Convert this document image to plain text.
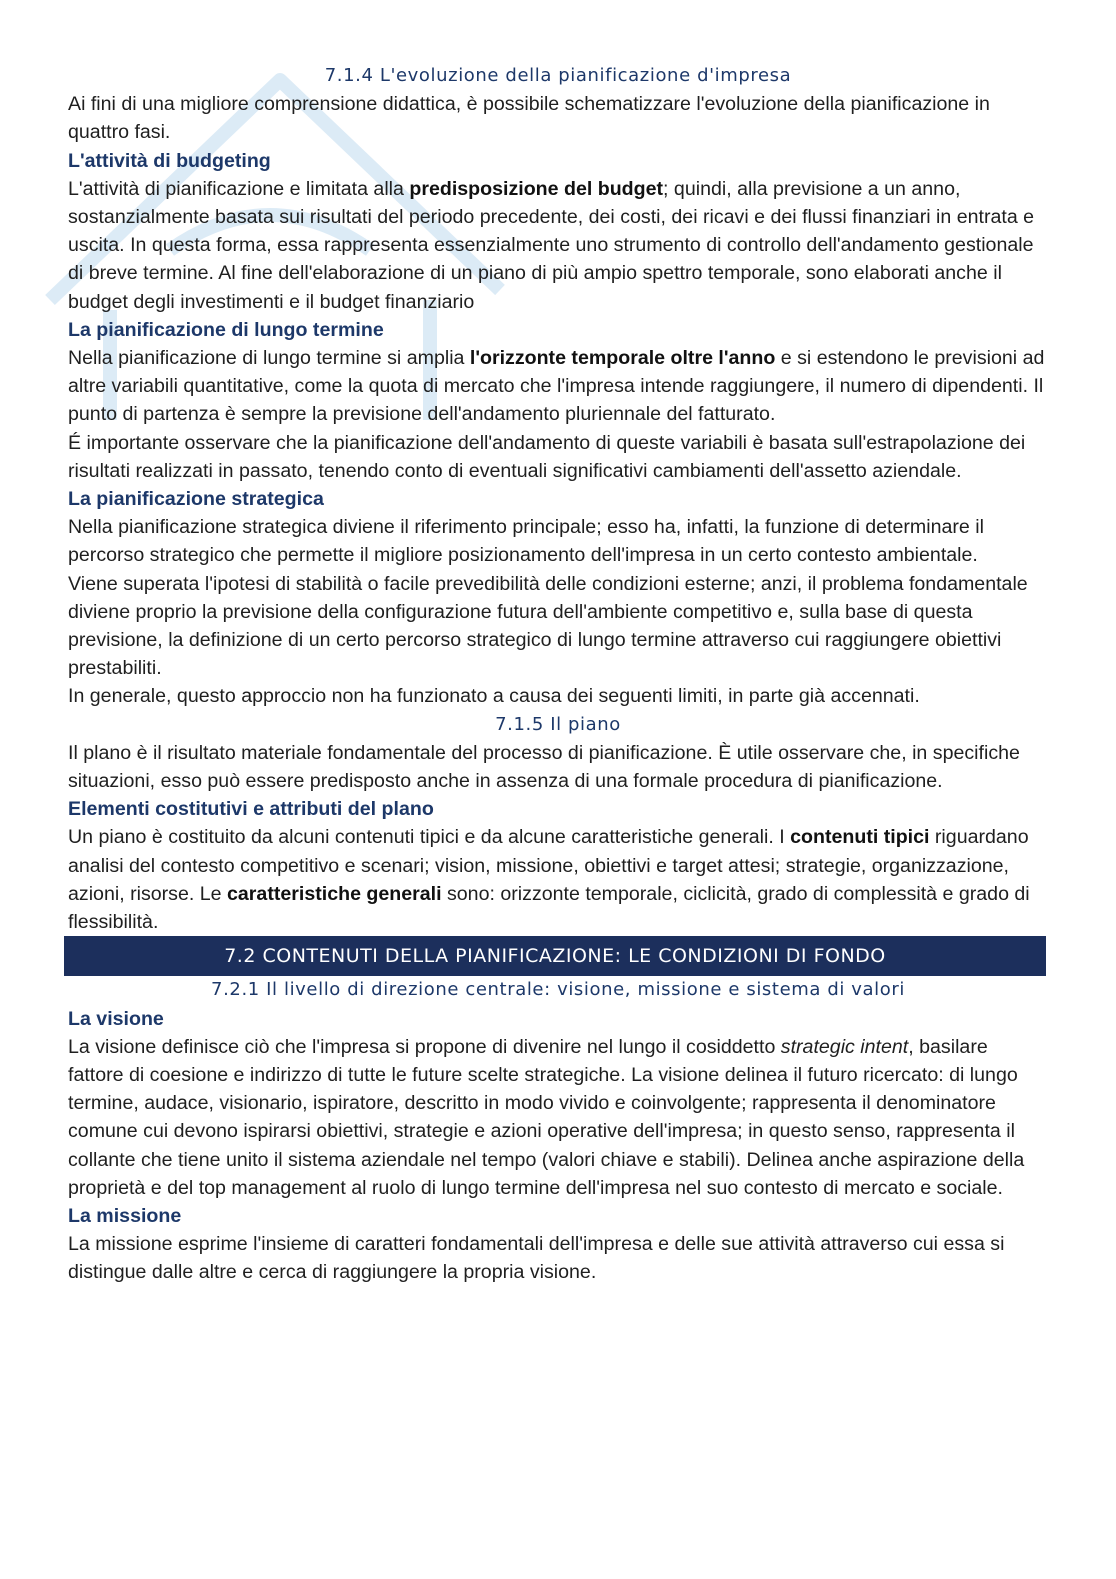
7.1.4 L'evoluzione della pianificazione d'impresa

Ai fini di una migliore comprensione didattica, è possibile schematizzare l'evoluzione della pianificazione in quattro fasi.

L'attività di budgeting

L'attività di pianificazione e limitata alla predisposizione del budget; quindi, alla previsione a un anno, sostanzialmente basata sui risultati del periodo precedente, dei costi, dei ricavi e dei flussi finanziari in entrata e uscita. In questa forma, essa rappresenta essenzialmente uno strumento di controllo dell'andamento gestionale di breve termine. Al fine dell'elaborazione di un piano di più ampio spettro temporale, sono elaborati anche il budget degli investimenti e il budget finanziario

La pianificazione di lungo termine

Nella pianificazione di lungo termine si amplia l'orizzonte temporale oltre l'anno e si estendono le previsioni ad altre variabili quantitative, come la quota di mercato che l'impresa intende raggiungere, il numero di dipendenti. Il punto di partenza è sempre la previsione dell'andamento pluriennale del fatturato.

É importante osservare che la pianificazione dell'andamento di queste variabili è basata sull'estrapolazione dei risultati realizzati in passato, tenendo conto di eventuali significativi cambiamenti dell'assetto aziendale.

La pianificazione strategica

Nella pianificazione strategica diviene il riferimento principale; esso ha, infatti, la funzione di determinare il percorso strategico che permette il migliore posizionamento dell'impresa in un certo contesto ambientale.

Viene superata l'ipotesi di stabilità o facile prevedibilità delle condizioni esterne; anzi, il problema fondamentale diviene proprio la previsione della configurazione futura dell'ambiente competitivo e, sulla base di questa previsione, la definizione di un certo percorso strategico di lungo termine attraverso cui raggiungere obiettivi prestabiliti.

In generale, questo approccio non ha funzionato a causa dei seguenti limiti, in parte già accennati.

7.1.5 Il piano

Il plano è il risultato materiale fondamentale del processo di pianificazione. È utile osservare che, in specifiche situazioni, esso può essere predisposto anche in assenza di una formale procedura di pianificazione.

Elementi costitutivi e attributi del plano

Un piano è costituito da alcuni contenuti tipici e da alcune caratteristiche generali. I contenuti tipici riguardano analisi del contesto competitivo e scenari; vision, missione, obiettivi e target attesi; strategie, organizzazione, azioni, risorse. Le caratteristiche generali sono: orizzonte temporale, ciclicità, grado di complessità e grado di flessibilità.

7.2 CONTENUTI DELLA PIANIFICAZIONE: LE CONDIZIONI DI FONDO

7.2.1 Il livello di direzione centrale: visione, missione e sistema di valori

La visione

La visione definisce ciò che l'impresa si propone di divenire nel lungo il cosiddetto strategic intent, basilare fattore di coesione e indirizzo di tutte le future scelte strategiche. La visione delinea il futuro ricercato: di lungo termine, audace, visionario, ispiratore, descritto in modo vivido e coinvolgente; rappresenta il denominatore comune cui devono ispirarsi obiettivi, strategie e azioni operative dell'impresa; in questo senso, rappresenta il collante che tiene unito il sistema aziendale nel tempo (valori chiave e stabili). Delinea anche aspirazione della proprietà e del top management al ruolo di lungo termine dell'impresa nel suo contesto di mercato e sociale.

La missione

La missione esprime l'insieme di caratteri fondamentali dell'impresa e delle sue attività attraverso cui essa si distingue dalle altre e cerca di raggiungere la propria visione.
